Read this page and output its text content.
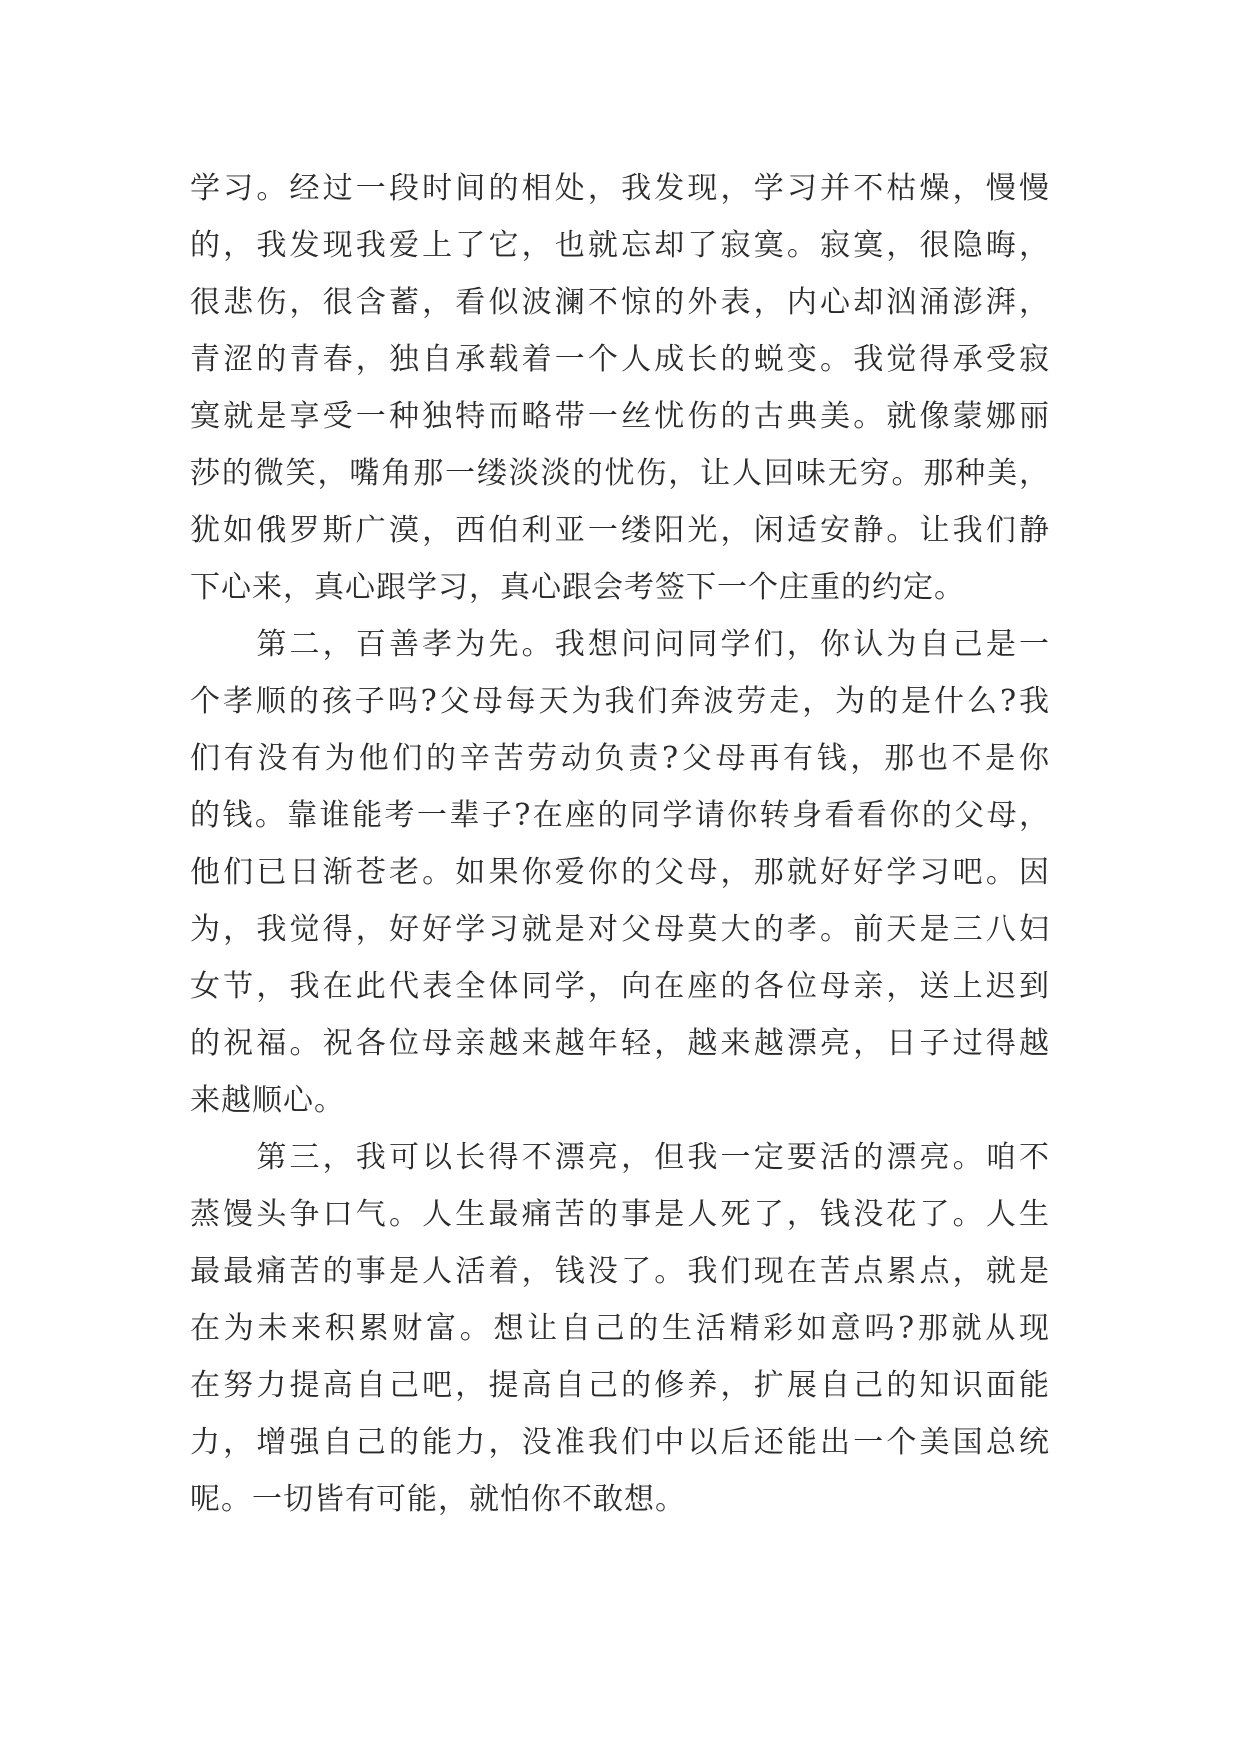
学习。经过一段时间的相处，我发现，学习并不枯燥，慢慢
的，我发现我爱上了它，也就忘却了寂寞。寂寞，很隐晦，
很悲伤，很含蓄，看似波澜不惊的外表，内心却汹涌澎湃，
青涩的青春，独自承载着一个人成长的蜕变。我觉得承受寂
寞就是享受一种独特而略带一丝忧伤的古典美。就像蒙娜丽
莎的微笑，嘴角那一缕淡淡的忧伤，让人回味无穷。那种美，
犹如俄罗斯广漠，西伯利亚一缕阳光，闲适安静。让我们静
下心来，真心跟学习，真心跟会考签下一个庄重的约定。
　　第二，百善孝为先。我想问问同学们，你认为自己是一
个孝顺的孩子吗?父母每天为我们奔波劳走，为的是什么?我
们有没有为他们的辛苦劳动负责?父母再有钱，那也不是你
的钱。靠谁能考一辈子?在座的同学请你转身看看你的父母，
他们已日渐苍老。如果你爱你的父母，那就好好学习吧。因
为，我觉得，好好学习就是对父母莫大的孝。前天是三八妇
女节，我在此代表全体同学，向在座的各位母亲，送上迟到
的祝福。祝各位母亲越来越年轻，越来越漂亮，日子过得越
来越顺心。
　　第三，我可以长得不漂亮，但我一定要活的漂亮。咱不
蒸馒头争口气。人生最痛苦的事是人死了，钱没花了。人生
最最痛苦的事是人活着，钱没了。我们现在苦点累点，就是
在为未来积累财富。想让自己的生活精彩如意吗?那就从现
在努力提高自己吧，提高自己的修养，扩展自己的知识面能
力，增强自己的能力，没准我们中以后还能出一个美国总统
呢。一切皆有可能，就怕你不敢想。
